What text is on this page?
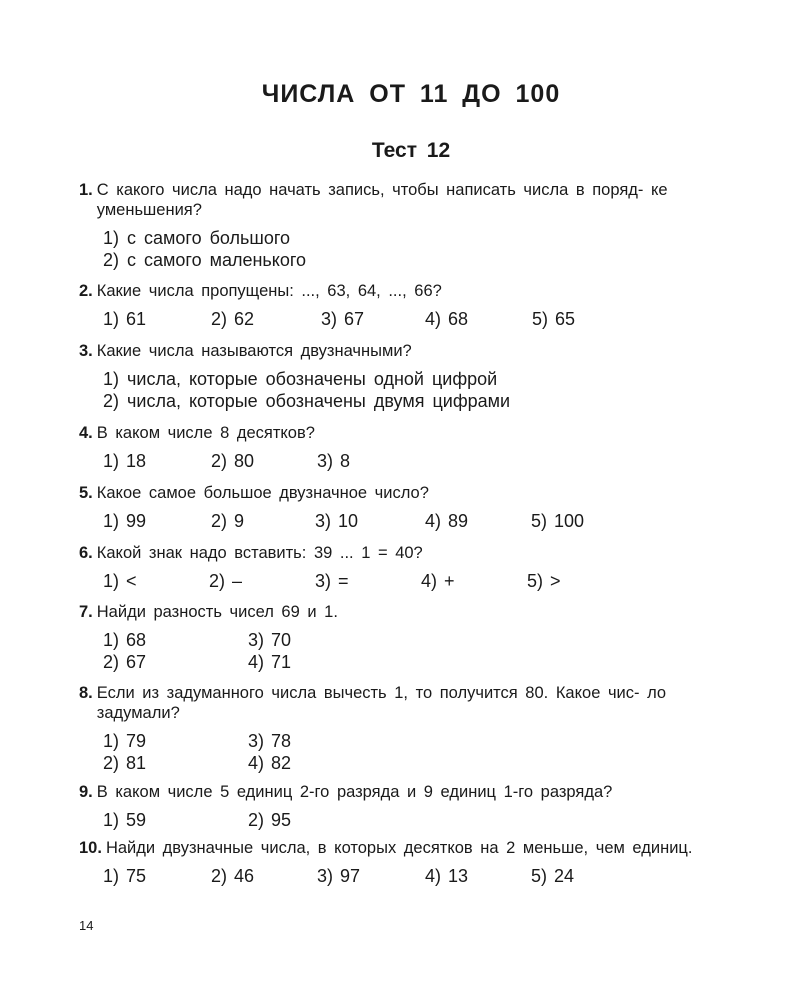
ЧИСЛА ОТ 11 ДО 100
Тест 12
1. С какого числа надо начать запись, чтобы написать числа в поряд- ке уменьшения?
1) с самого большого
2) с самого маленького
2. Какие числа пропущены: ..., 63, 64, ..., 66?
1) 61	2) 62	3) 67	4) 68	5) 65
3. Какие числа называются двузначными?
1) числа, которые обозначены одной цифрой
2) числа, которые обозначены двумя цифрами
4. В каком числе 8 десятков?
1) 18	2) 80	3) 8
5. Какое самое большое двузначное число?
1) 99	2) 9	3) 10	4) 89	5) 100
6. Какой знак надо вставить: 39 ... 1 = 40?
1) <	2) –	3) =	4) +	5) >
7. Найди разность чисел 69 и 1.
1) 68	3) 70
2) 67	4) 71
8. Если из задуманного числа вычесть 1, то получится 80. Какое чис- ло задумали?
1) 79	3) 78
2) 81	4) 82
9. В каком числе 5 единиц 2-го разряда и 9 единиц 1-го разряда?
1) 59	2) 95
10. Найди двузначные числа, в которых десятков на 2 меньше, чем единиц.
1) 75	2) 46	3) 97	4) 13	5) 24
14
